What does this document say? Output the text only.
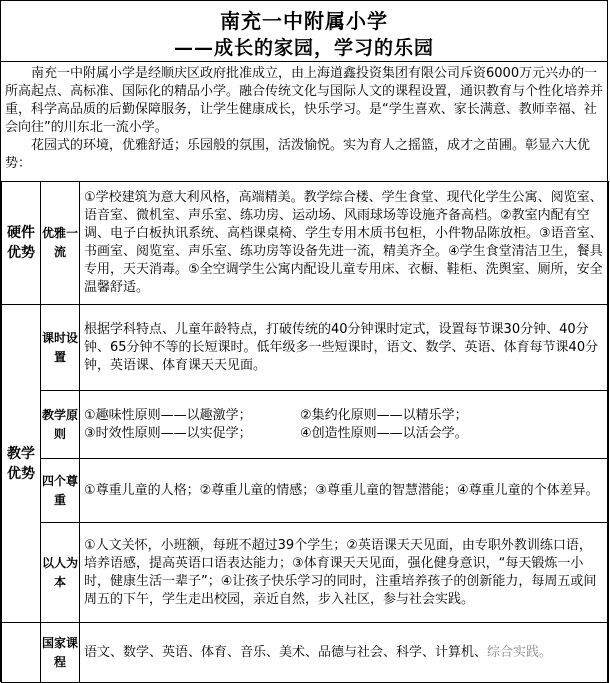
南充一中附属小学
——成长的家园，学习的乐园

南充一中附属小学是经顺庆区政府批准成立，由上海道鑫投资集团有限公司斥资6000万元兴办的一所高起点、高标准、国际化的精品小学。融合传统文化与国际人文的课程设置，通识教育与个性化培养并重，科学高品质的后勤保障服务，让学生健康成长，快乐学习。是“学生喜欢、家长满意、教师幸福、社会向往”的川东北一流小学。

花园式的环境，优雅舒适；乐园般的氛围，活泼愉悦。实为育人之摇篮，成才之苗圃。彰显六大优势：

硬件优势	优雅一流	①学校建筑为意大利风格，高端精美。教学综合楼、学生食堂、现代化学生公寓、阅览室、语音室、微机室、声乐室、练功房、运动场、风雨球场等设施齐备高档。②教室内配有空调、电子白板执讯系统、高档课桌椅、学生专用木质书包柜，小件物品陈放柜。③语音室、书画室、阅览室、声乐室、练功房等设备先进一流，精美齐全。④学生食堂清洁卫生，餐具专用，天天消毒。⑤全空调学生公寓内配设儿童专用床、衣橱、鞋柜、洗舆室、厕所，安全温馨舒适。
教学优势	课时设置	根据学科特点、儿童年龄特点，打破传统的40分钟课时定式，设置每节课30分钟、40分钟、65分钟不等的长短课时。低年级多一些短课时，语文、数学、英语、体育每节课40分钟，英语课、体育课天天见面。
	教学原则	①趣味性原则——以趣激学； ②集约化原则——以精乐学；
③时效性原则——以实促学； ④创造性原则——以活会学。

	四个尊重	①尊重儿童的人格；②尊重儿童的情感；③尊重儿童的智慧潜能；④尊重儿童的个体差异。
	以人为本	①人文关怀，小班额，每班不超过39个学生；②英语课天天见面，由专职外教训练口语，培养语感，提高英语口语表达能力；③体育课天天见面，强化健身意识，“每天锻炼一小时，健康生活一辈子”；④让孩子快乐学习的同时，注重培养孩子的创新能力，每周五或间周五的下午，学生走出校园，亲近自然，步入社区，参与社会实践。
	国家课程	语文、数学、英语、体育、音乐、美术、品德与社会、科学、计算机、综合实践。
